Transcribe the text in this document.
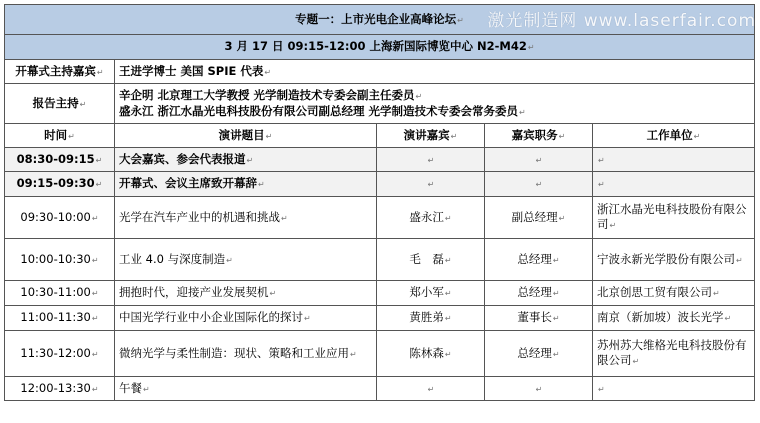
专题一：上市光电企业高峰论坛↵				
3 月 17 日 09:15-12:00 上海新国际博览中心 N2-M42↵				
开幕式主持嘉宾↵	王进学博士 美国 SPIE 代表↵			
报告主持↵	辛企明 北京理工大学教授 光学制造技术专委会副主任委员↵
盛永江 浙江水晶光电科技股份有限公司副总经理 光学制造技术专委会常务委员↵			

时间↵	演讲题目↵	演讲嘉宾↵	嘉宾职务↵	工作单位↵
08:30-09:15↵	大会嘉宾、参会代表报道↵	↵	↵	↵
09:15-09:30↵	开幕式、会议主席致开幕辞↵	↵	↵	↵
09:30-10:00↵	光学在汽车产业中的机遇和挑战↵	盛永江↵	副总经理↵	浙江水晶光电科技股份有限公司↵
10:00-10:30↵	工业 4.0 与深度制造↵	毛　磊↵	总经理↵	宁波永新光学股份有限公司↵
10:30-11:00↵	拥抱时代，迎接产业发展契机↵	郑小军↵	总经理↵	北京创思工贸有限公司↵
11:00-11:30↵	中国光学行业中小企业国际化的探讨↵	黄胜弟↵	董事长↵	南京（新加坡）波长光学↵
11:30-12:00↵	微纳光学与柔性制造：现状、策略和工业应用↵	陈林森↵	总经理↵	苏州苏大维格光电科技股份有限公司↵
12:00-13:30↵	午餐↵	↵	↵	↵
激光制造网 www.laserfair.com
